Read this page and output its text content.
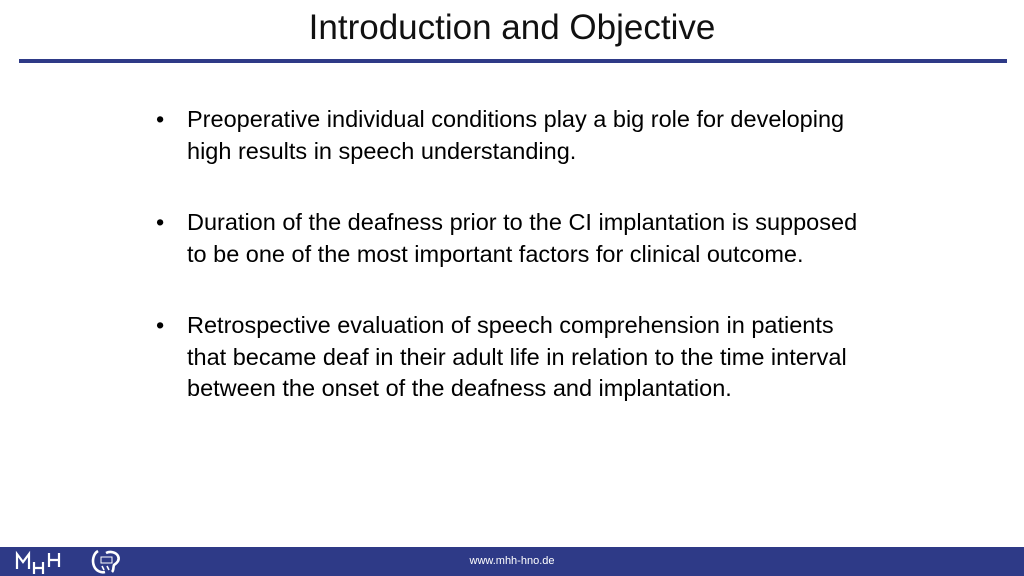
Introduction and Objective

• Preoperative individual conditions play a big role for developing high results in speech understanding.

• Duration of the deafness prior to the CI implantation is supposed to be one of the most important factors for clinical outcome.

• Retrospective evaluation of speech comprehension in patients that became deaf in their adult life in relation to the time interval between the onset of the deafness and implantation.

www.mhh-hno.de
